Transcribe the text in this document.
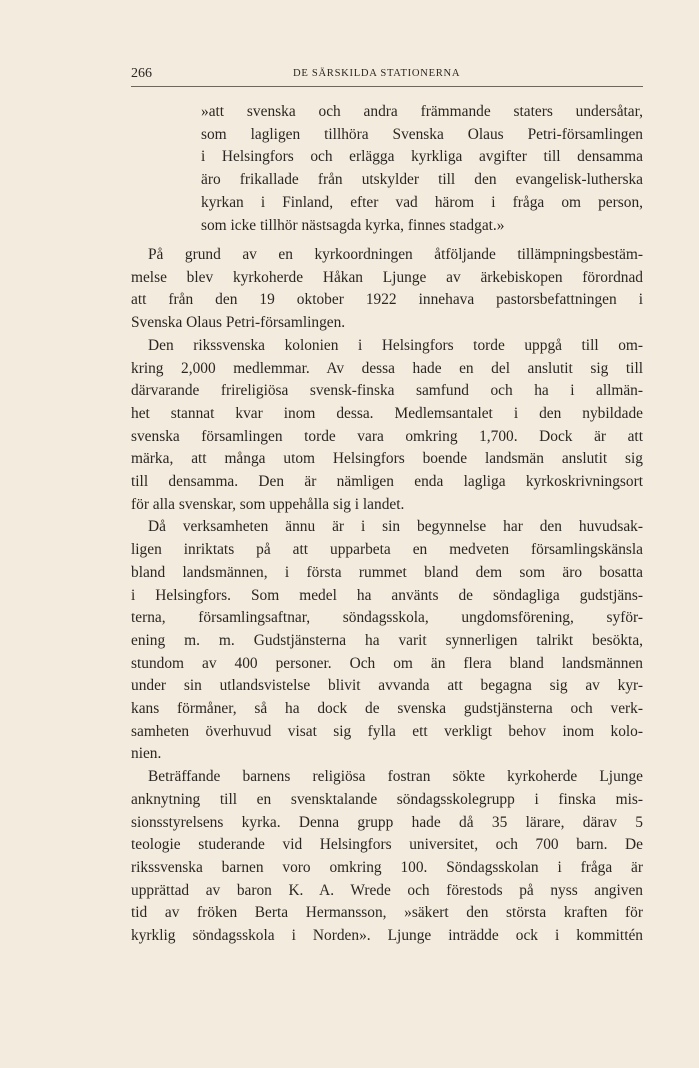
266	DE SÄRSKILDA STATIONERNA
»att svenska och andra främmande staters undersåtar,
som lagligen tillhöra Svenska Olaus Petri-församlingen
i Helsingfors och erlägga kyrkliga avgifter till densamma
äro frikallade från utskylder till den evangelisk-lutherska
kyrkan i Finland, efter vad härom i fråga om person,
som icke tillhör nästsagda kyrka, finnes stadgat.»
På grund av en kyrkoordningen åtföljande tillämpningsbestäm-
melse blev kyrkoherde Håkan Ljunge av ärkebiskopen förordnad
att från den 19 oktober 1922 innehava pastorsbefattningen i
Svenska Olaus Petri-församlingen.
Den rikssvenska kolonien i Helsingfors torde uppgå till om-
kring 2,000 medlemmar. Av dessa hade en del anslutit sig till
därvarande frireligiösa svensk-finska samfund och ha i allmän-
het stannat kvar inom dessa. Medlemsantalet i den nybildade
svenska församlingen torde vara omkring 1,700. Dock är att
märka, att många utom Helsingfors boende landsmän anslutit sig
till densamma. Den är nämligen enda lagliga kyrkoskrivningsort
för alla svenskar, som uppehålla sig i landet.
Då verksamheten ännu är i sin begynnelse har den huvudsak-
ligen inriktats på att upparbeta en medveten församlingskänsla
bland landsmännen, i första rummet bland dem som äro bosatta
i Helsingfors. Som medel ha använts de söndagliga gudstjäns-
terna, församlingsaftnar, söndagsskola, ungdomsförening, syför-
ening m. m. Gudstjänsterna ha varit synnerligen talrikt besökta,
stundom av 400 personer. Och om än flera bland landsmännen
under sin utlandsvistelse blivit avvanda att begagna sig av kyr-
kans förmåner, så ha dock de svenska gudstjänsterna och verk-
samheten överhuvud visat sig fylla ett verkligt behov inom kolo-
nien.
Beträffande barnens religiösa fostran sökte kyrkoherde Ljunge
anknytning till en svensktalande söndagsskolegrupp i finska mis-
sionsstyrelsens kyrka. Denna grupp hade då 35 lärare, därav 5
teologie studerande vid Helsingfors universitet, och 700 barn. De
rikssvenska barnen voro omkring 100. Söndagsskolan i fråga är
upprättad av baron K. A. Wrede och förestods på nyss angiven
tid av fröken Berta Hermansson, »säkert den största kraften för
kyrklig söndagsskola i Norden». Ljunge inträdde ock i kommittén
